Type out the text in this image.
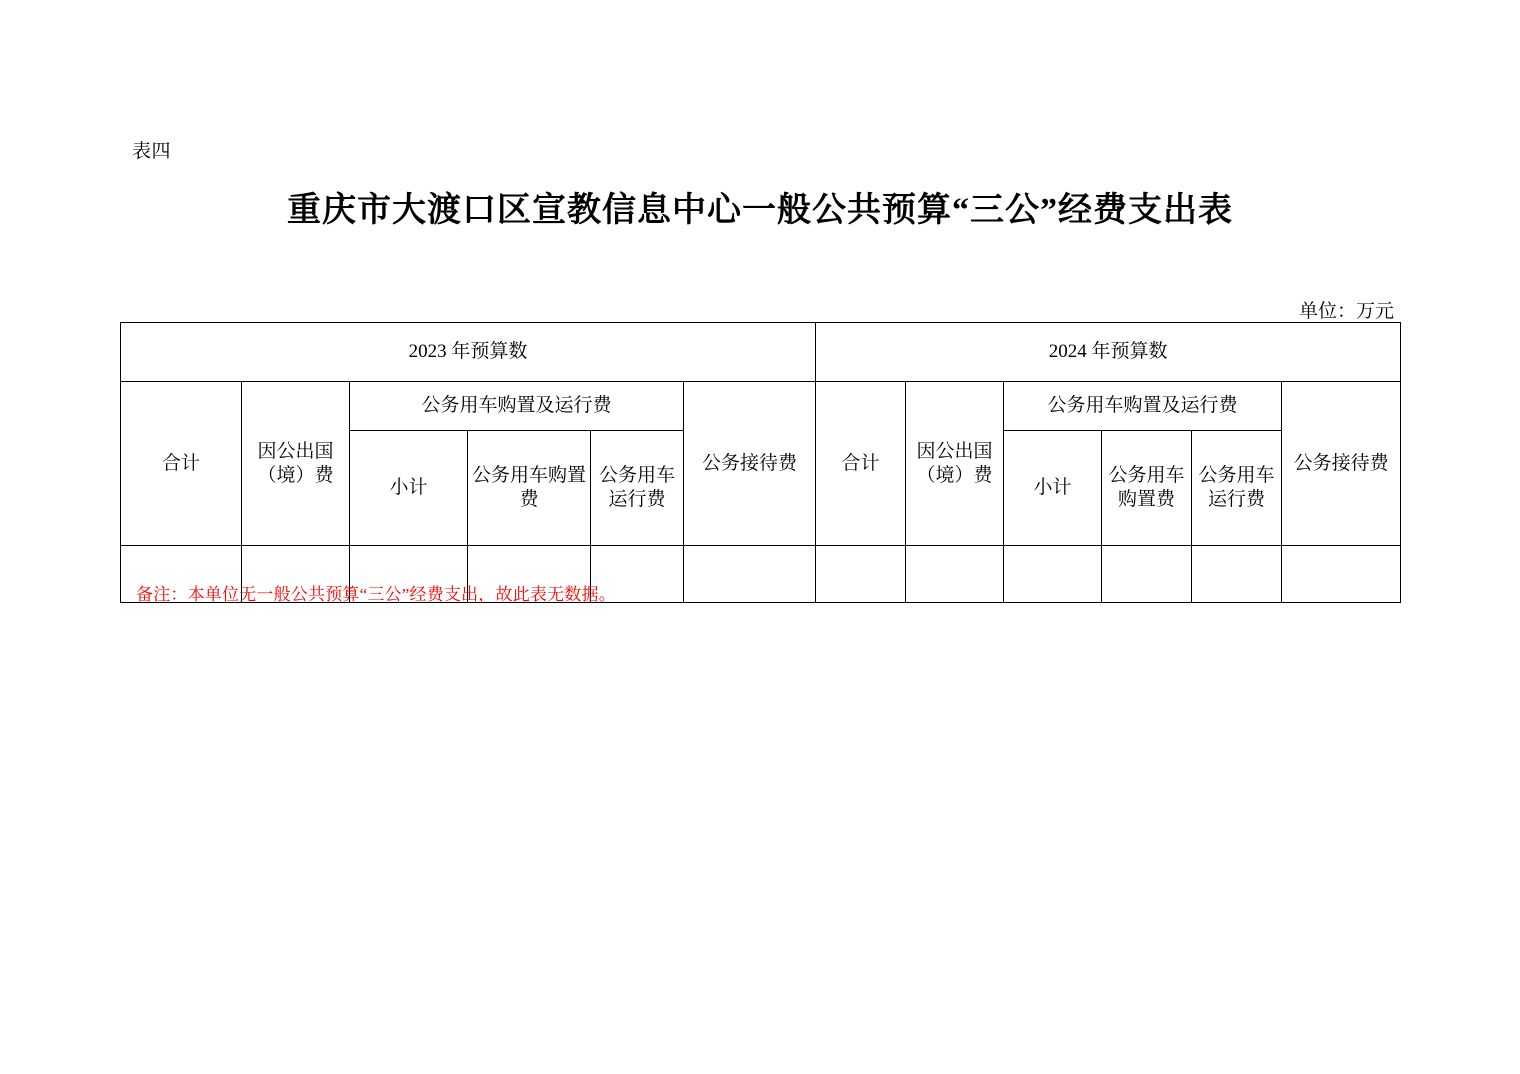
表四
重庆市大渡口区宣教信息中心一般公共预算“三公”经费支出表
单位：万元
2023 年预算数						2024 年预算数					
合计	因公出国（境）费	公务用车购置及运行费			公务接待费	合计	因公出国（境）费	公务用车购置及运行费			公务接待费
		小计	公务用车购置费	公务用车运行费				小计	公务用车购置费	公务用车运行费	

备注：本单位无一般公共预算“三公”经费支出，故此表无数据。
